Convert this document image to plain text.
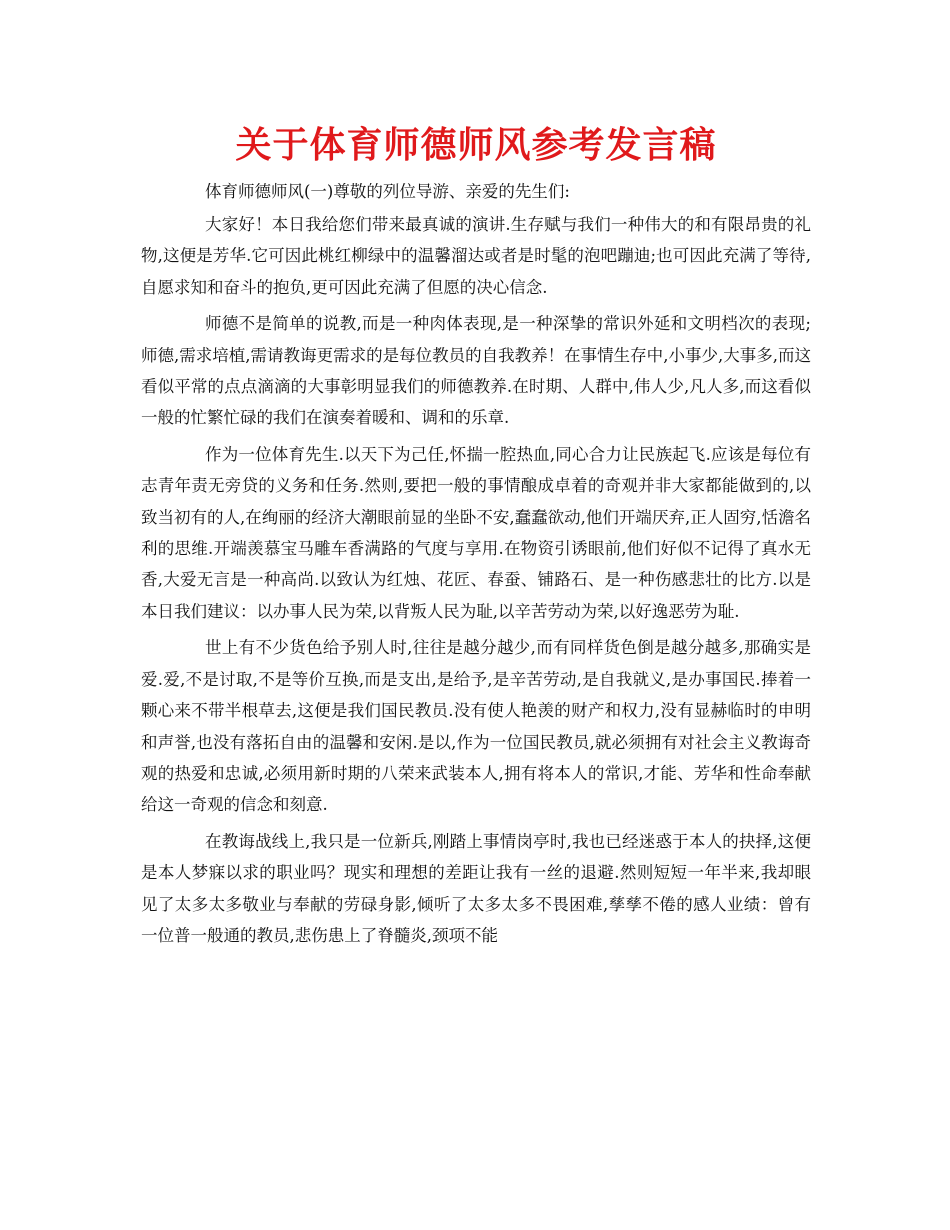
关于体育师德师风参考发言稿

体育师德师风(一)尊敬的列位导游、亲爱的先生们:

大家好！本日我给您们带来最真诚的演讲.生存赋与我们一种伟大的和有限昂贵的礼物,这便是芳华.它可因此桃红柳绿中的温馨溜达或者是时髦的泡吧蹦迪;也可因此充满了等待,自愿求知和奋斗的抱负,更可因此充满了但愿的决心信念.

师德不是简单的说教,而是一种肉体表现,是一种深挚的常识外延和文明档次的表现;师德,需求培植,需请教诲更需求的是每位教员的自我教养！在事情生存中,小事少,大事多,而这看似平常的点点滴滴的大事彰明显我们的师德教养.在时期、人群中,伟人少,凡人多,而这看似一般的忙繁忙碌的我们在演奏着暖和、调和的乐章.

作为一位体育先生.以天下为己任,怀揣一腔热血,同心合力让民族起飞.应该是每位有志青年责无旁贷的义务和任务.然则,要把一般的事情酿成卓着的奇观并非大家都能做到的,以致当初有的人,在绚丽的经济大潮眼前显的坐卧不安,蠢蠢欲动,他们开端厌弃,正人固穷,恬澹名利的思维.开端羡慕宝马雕车香满路的气度与享用.在物资引诱眼前,他们好似不记得了真水无香,大爱无言是一种高尚.以致认为红烛、花匠、春蚕、铺路石、是一种伤感悲壮的比方.以是本日我们建议：以办事人民为荣,以背叛人民为耻,以辛苦劳动为荣,以好逸恶劳为耻.

世上有不少货色给予别人时,往往是越分越少,而有同样货色倒是越分越多,那确实是爱.爱,不是讨取,不是等价互换,而是支出,是给予,是辛苦劳动,是自我就义,是办事国民.捧着一颗心来不带半根草去,这便是我们国民教员.没有使人艳羡的财产和权力,没有显赫临时的申明和声誉,也没有落拓自由的温馨和安闲.是以,作为一位国民教员,就必须拥有对社会主义教诲奇观的热爱和忠诚,必须用新时期的八荣来武装本人,拥有将本人的常识,才能、芳华和性命奉献给这一奇观的信念和刻意.

在教诲战线上,我只是一位新兵,刚踏上事情岗亭时,我也已经迷惑于本人的抉择,这便是本人梦寐以求的职业吗？现实和理想的差距让我有一丝的退避.然则短短一年半来,我却眼见了太多太多敬业与奉献的劳碌身影,倾听了太多太多不畏困难,孳孳不倦的感人业绩：曾有一位普一般通的教员,悲伤患上了脊髓炎,颈项不能
